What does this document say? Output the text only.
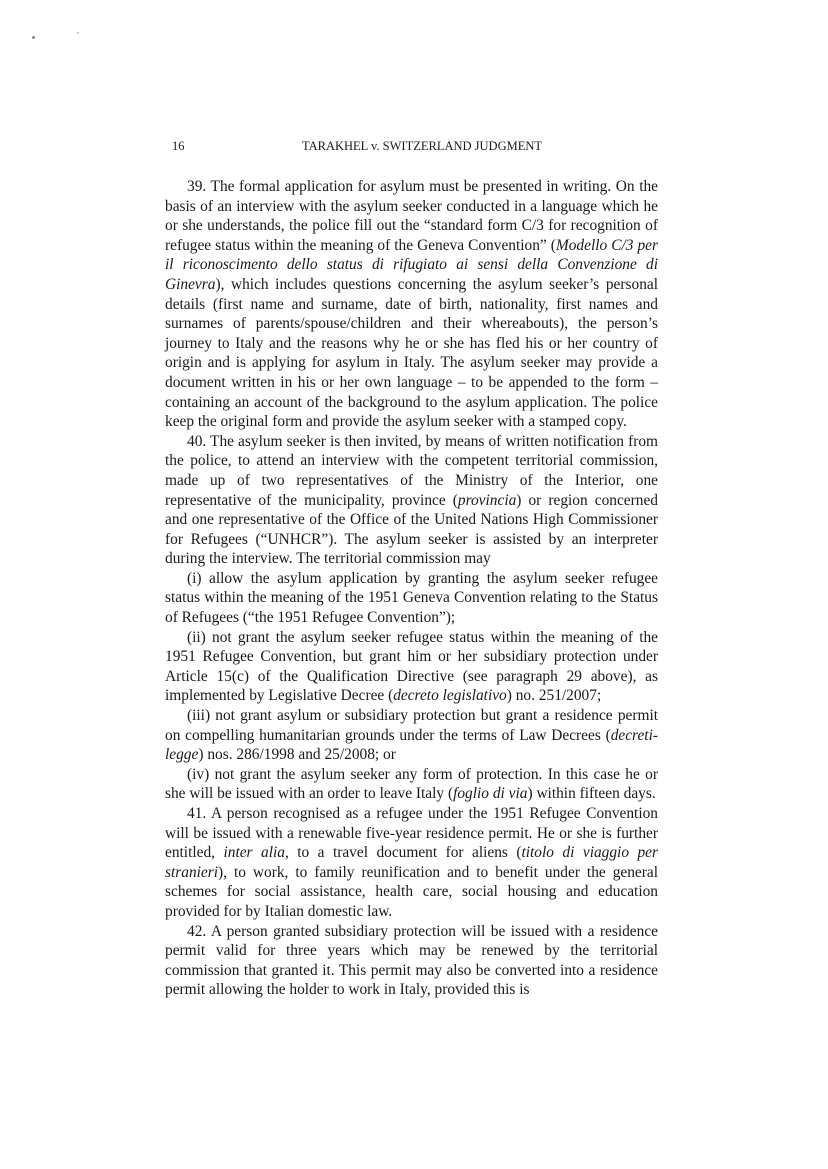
16	TARAKHEL v. SWITZERLAND JUDGMENT

39. The formal application for asylum must be presented in writing. On the basis of an interview with the asylum seeker conducted in a language which he or she understands, the police fill out the “standard form C/3 for recognition of refugee status within the meaning of the Geneva Convention” (Modello C/3 per il riconoscimento dello status di rifugiato ai sensi della Convenzione di Ginevra), which includes questions concerning the asylum seeker’s personal details (first name and surname, date of birth, nationality, first names and surnames of parents/spouse/children and their whereabouts), the person’s journey to Italy and the reasons why he or she has fled his or her country of origin and is applying for asylum in Italy. The asylum seeker may provide a document written in his or her own language – to be appended to the form – containing an account of the background to the asylum application. The police keep the original form and provide the asylum seeker with a stamped copy.

40. The asylum seeker is then invited, by means of written notification from the police, to attend an interview with the competent territorial commission, made up of two representatives of the Ministry of the Interior, one representative of the municipality, province (provincia) or region concerned and one representative of the Office of the United Nations High Commissioner for Refugees (“UNHCR”). The asylum seeker is assisted by an interpreter during the interview. The territorial commission may

(i) allow the asylum application by granting the asylum seeker refugee status within the meaning of the 1951 Geneva Convention relating to the Status of Refugees (“the 1951 Refugee Convention”);

(ii) not grant the asylum seeker refugee status within the meaning of the 1951 Refugee Convention, but grant him or her subsidiary protection under Article 15(c) of the Qualification Directive (see paragraph 29 above), as implemented by Legislative Decree (decreto legislativo) no. 251/2007;

(iii) not grant asylum or subsidiary protection but grant a residence permit on compelling humanitarian grounds under the terms of Law Decrees (decreti-legge) nos. 286/1998 and 25/2008; or

(iv) not grant the asylum seeker any form of protection. In this case he or she will be issued with an order to leave Italy (foglio di via) within fifteen days.

41. A person recognised as a refugee under the 1951 Refugee Convention will be issued with a renewable five-year residence permit. He or she is further entitled, inter alia, to a travel document for aliens (titolo di viaggio per stranieri), to work, to family reunification and to benefit under the general schemes for social assistance, health care, social housing and education provided for by Italian domestic law.

42. A person granted subsidiary protection will be issued with a residence permit valid for three years which may be renewed by the territorial commission that granted it. This permit may also be converted into a residence permit allowing the holder to work in Italy, provided this is
